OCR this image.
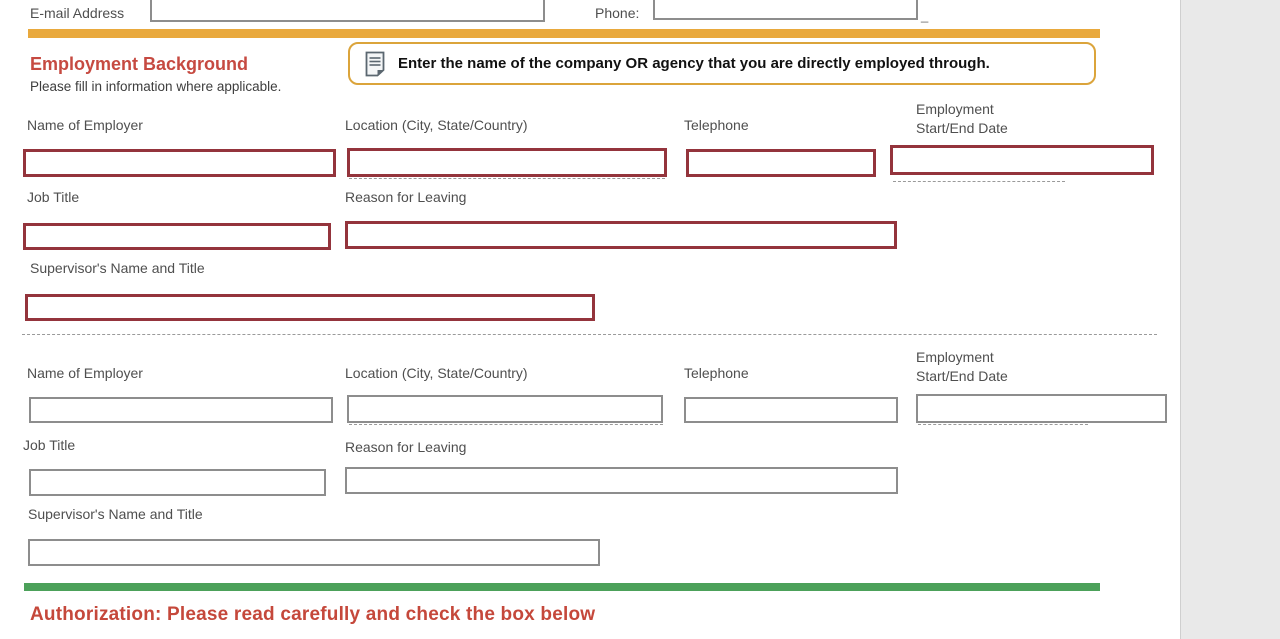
E-mail Address	Phone:	_
Employment Background
Please fill in information where applicable.
Enter the name of the company OR agency that you are directly employed through.
Name of Employer	Location (City, State/Country)	Telephone
Employment
Start/End Date
Job Title	Reason for Leaving
Supervisor's Name and Title
Name of Employer	Location (City, State/Country)	Telephone
Employment
Start/End Date
Job Title	Reason for Leaving
Supervisor's Name and Title
Authorization: Please read carefully and check the box below
